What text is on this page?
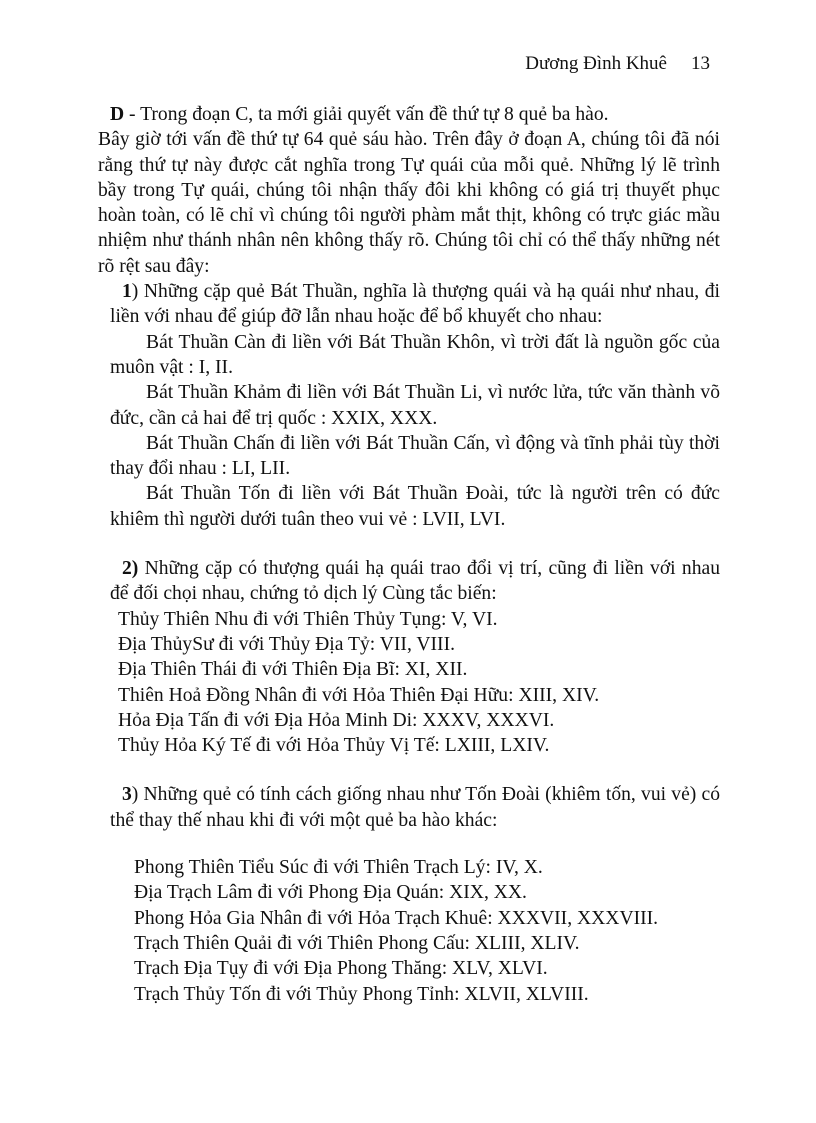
Dương Đình Khuê 13

D - Trong đoạn C, ta mới giải quyết vấn đề thứ tự 8 quẻ ba hào.

Bây giờ tới vấn đề thứ tự 64 quẻ sáu hào. Trên đây ở đoạn A, chúng tôi đã nói rằng thứ tự này được cắt nghĩa trong Tự quái của mỗi quẻ. Những lý lẽ trình bầy trong Tự quái, chúng tôi nhận thấy đôi khi không có giá trị thuyết phục hoàn toàn, có lẽ chỉ vì chúng tôi người phàm mắt thịt, không có trực giác mầu nhiệm như thánh nhân nên không thấy rõ. Chúng tôi chỉ có thể thấy những nét rõ rệt sau đây:

1) Những cặp quẻ Bát Thuần, nghĩa là thượng quái và hạ quái như nhau, đi liền với nhau để giúp đỡ lẫn nhau hoặc để bổ khuyết cho nhau:

Bát Thuần Càn đi liền với Bát Thuần Khôn, vì trời đất là nguồn gốc của muôn vật : I, II.

Bát Thuần Khảm đi liền với Bát Thuần Li, vì nước lửa, tức văn thành võ đức, cần cả hai để trị quốc : XXIX, XXX.

Bát Thuần Chấn đi liền với Bát Thuần Cấn, vì động và tĩnh phải tùy thời thay đổi nhau : LI, LII.

Bát Thuần Tốn đi liền với Bát Thuần Đoài, tức là người trên có đức khiêm thì người dưới tuân theo vui vẻ : LVII, LVI.

2) Những cặp có thượng quái hạ quái trao đổi vị trí, cũng đi liền với nhau để đối chọi nhau, chứng tỏ dịch lý Cùng tắc biến:

Thủy Thiên Nhu đi với Thiên Thủy Tụng: V, VI.
Địa ThủySư đi với Thủy Địa Tỷ: VII, VIII.
Địa Thiên Thái đi với Thiên Địa Bĩ: XI, XII.
Thiên Hoả Đồng Nhân đi với Hỏa Thiên Đại Hữu: XIII, XIV.
Hỏa Địa Tấn đi với Địa Hỏa Minh Di: XXXV, XXXVI.
Thủy Hỏa Ký Tế đi với Hỏa Thủy Vị Tế: LXIII, LXIV.

3) Những quẻ có tính cách giống nhau như Tốn Đoài (khiêm tốn, vui vẻ) có thể thay thế nhau khi đi với một quẻ ba hào khác:

Phong Thiên Tiểu Súc đi với Thiên Trạch Lý: IV, X.
Địa Trạch Lâm đi với Phong Địa Quán: XIX, XX.
Phong Hỏa Gia Nhân đi với Hỏa Trạch Khuê: XXXVII, XXXVIII.
Trạch Thiên Quải đi với Thiên Phong Cấu: XLIII, XLIV.
Trạch Địa Tụy đi với Địa Phong Thăng: XLV, XLVI.
Trạch Thủy Tốn đi với Thủy Phong Tỉnh: XLVII, XLVIII.
